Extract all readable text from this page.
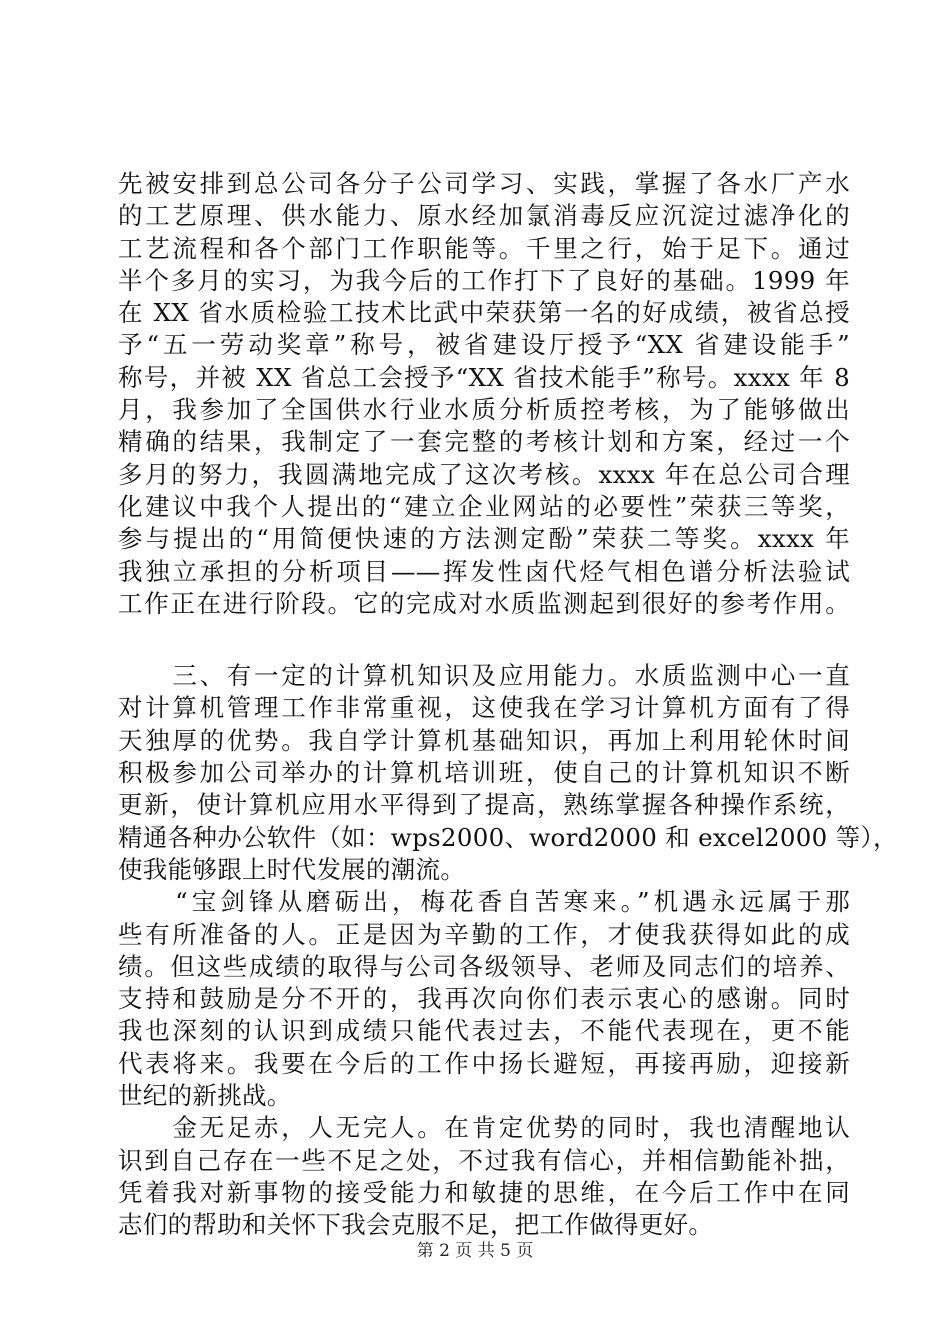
先被安排到总公司各分子公司学习、实践，掌握了各水厂产水
的工艺原理、供水能力、原水经加氯消毒反应沉淀过滤净化的
工艺流程和各个部门工作职能等。千里之行，始于足下。通过
半个多月的实习，为我今后的工作打下了良好的基础。1999 年
在 XX 省水质检验工技术比武中荣获第一名的好成绩，被省总授
予“五一劳动奖章”称号，被省建设厅授予“XX 省建设能手”
称号，并被 XX 省总工会授予“XX 省技术能手”称号。xxxx 年 8
月，我参加了全国供水行业水质分析质控考核，为了能够做出
精确的结果，我制定了一套完整的考核计划和方案，经过一个
多月的努力，我圆满地完成了这次考核。xxxx 年在总公司合理
化建议中我个人提出的“建立企业网站的必要性”荣获三等奖，
参与提出的“用简便快速的方法测定酚”荣获二等奖。xxxx 年
我独立承担的分析项目——挥发性卤代烃气相色谱分析法验试
工作正在进行阶段。它的完成对水质监测起到很好的参考作用。
　　三、有一定的计算机知识及应用能力。水质监测中心一直
对计算机管理工作非常重视，这使我在学习计算机方面有了得
天独厚的优势。我自学计算机基础知识，再加上利用轮休时间
积极参加公司举办的计算机培训班，使自己的计算机知识不断
更新，使计算机应用水平得到了提高，熟练掌握各种操作系统，
精通各种办公软件（如：wps2000、word2000 和 excel2000 等），
使我能够跟上时代发展的潮流。
　　“宝剑锋从磨砺出，梅花香自苦寒来。”机遇永远属于那
些有所准备的人。正是因为辛勤的工作，才使我获得如此的成
绩。但这些成绩的取得与公司各级领导、老师及同志们的培养、
支持和鼓励是分不开的，我再次向你们表示衷心的感谢。同时
我也深刻的认识到成绩只能代表过去，不能代表现在，更不能
代表将来。我要在今后的工作中扬长避短，再接再励，迎接新
世纪的新挑战。
　　金无足赤，人无完人。在肯定优势的同时，我也清醒地认
识到自己存在一些不足之处，不过我有信心，并相信勤能补拙，
凭着我对新事物的接受能力和敏捷的思维，在今后工作中在同
志们的帮助和关怀下我会克服不足，把工作做得更好。
第 2 页 共 5 页
